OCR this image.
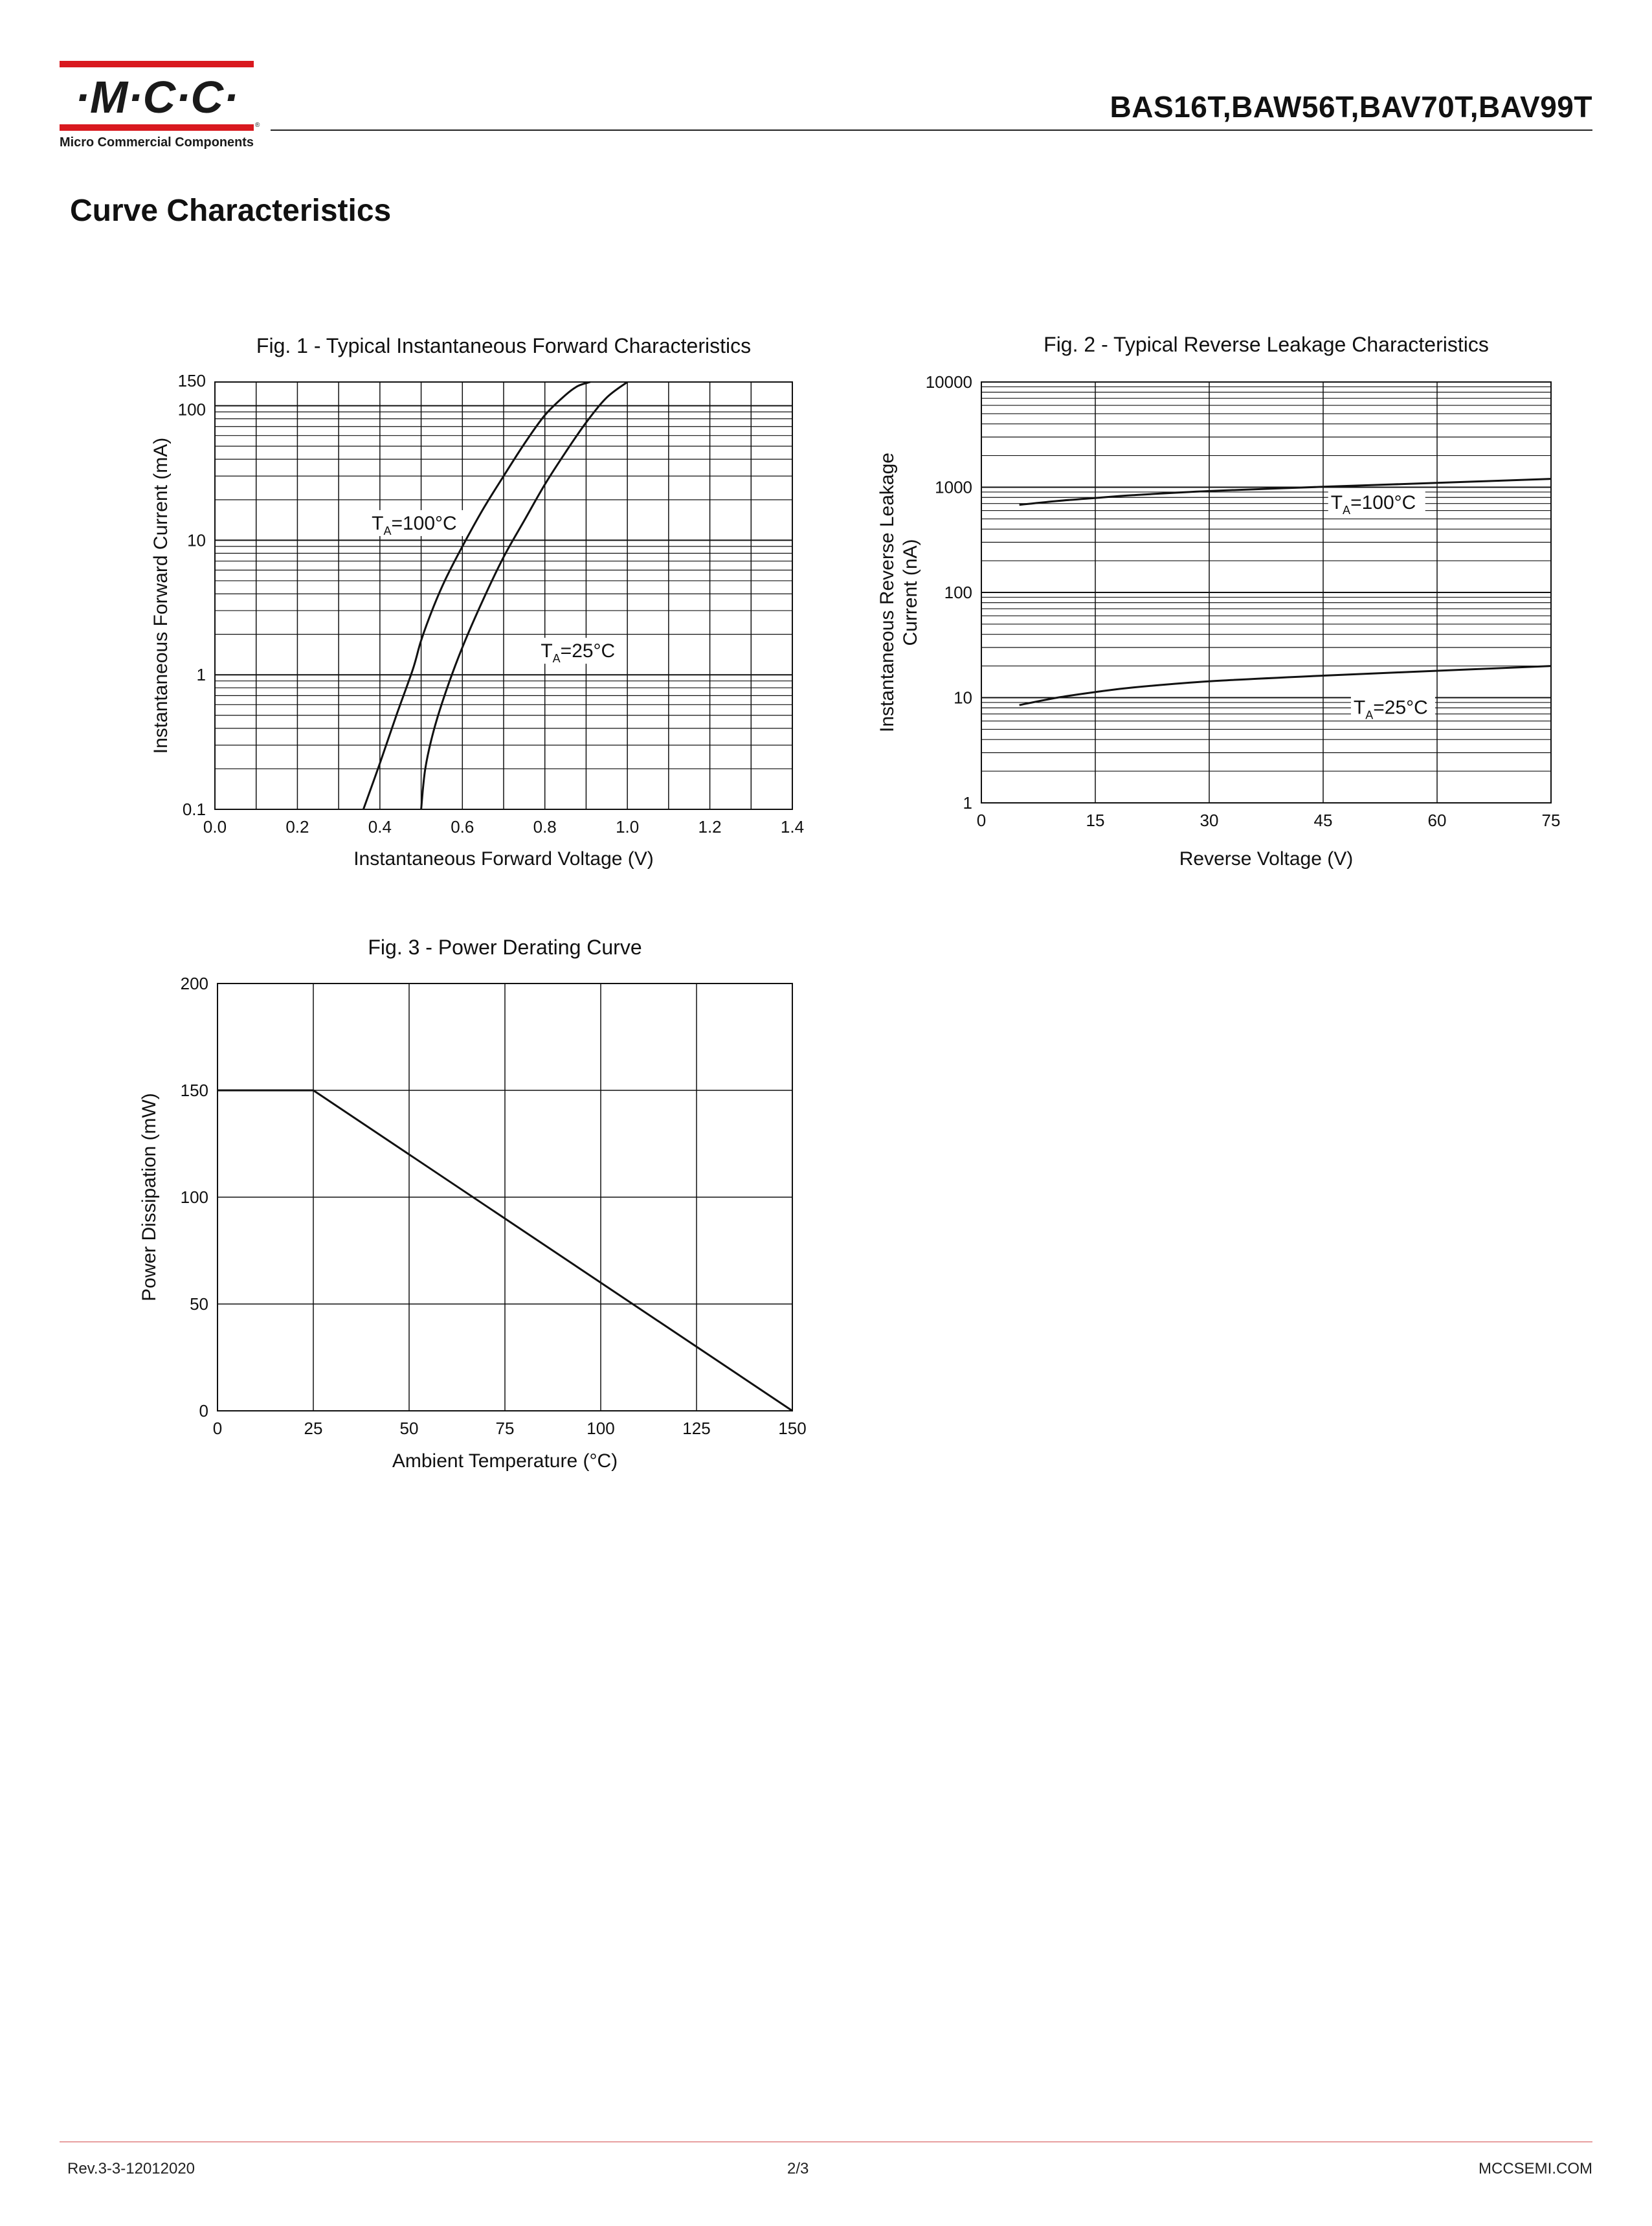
·M·C·C·
Micro Commercial Components
®
BAS16T,BAW56T,BAV70T,BAV99T
Curve Characteristics
0.0	0.2	0.4	0.6	0.8	1.0	1.2	1.4
0.1
1
10
100
150
Fig. 1 - Typical Instantaneous Forward Characteristics
Instantaneous Forward Voltage (V)
Instantaneous Forward Current (mA)	$T_A=100^\circ C$
$T_A=25^\circ C$
0	15	30	45	60	75
1
10
100
1000
10000
Fig. 2 - Typical Reverse Leakage Characteristics
Reverse Voltage (V)
Instantaneous Reverse Leakage Current (nA)
$T_A=100^\circ C$
$T_A=25^\circ C$
0	25	50	75	100	125	150
0
50
100
150
200
Fig. 3 - Power Derating Curve
Ambient Temperature (°C)
Power Dissipation (mW)
Rev.3-3-12012020	2/3	MCCSEMI.COM
